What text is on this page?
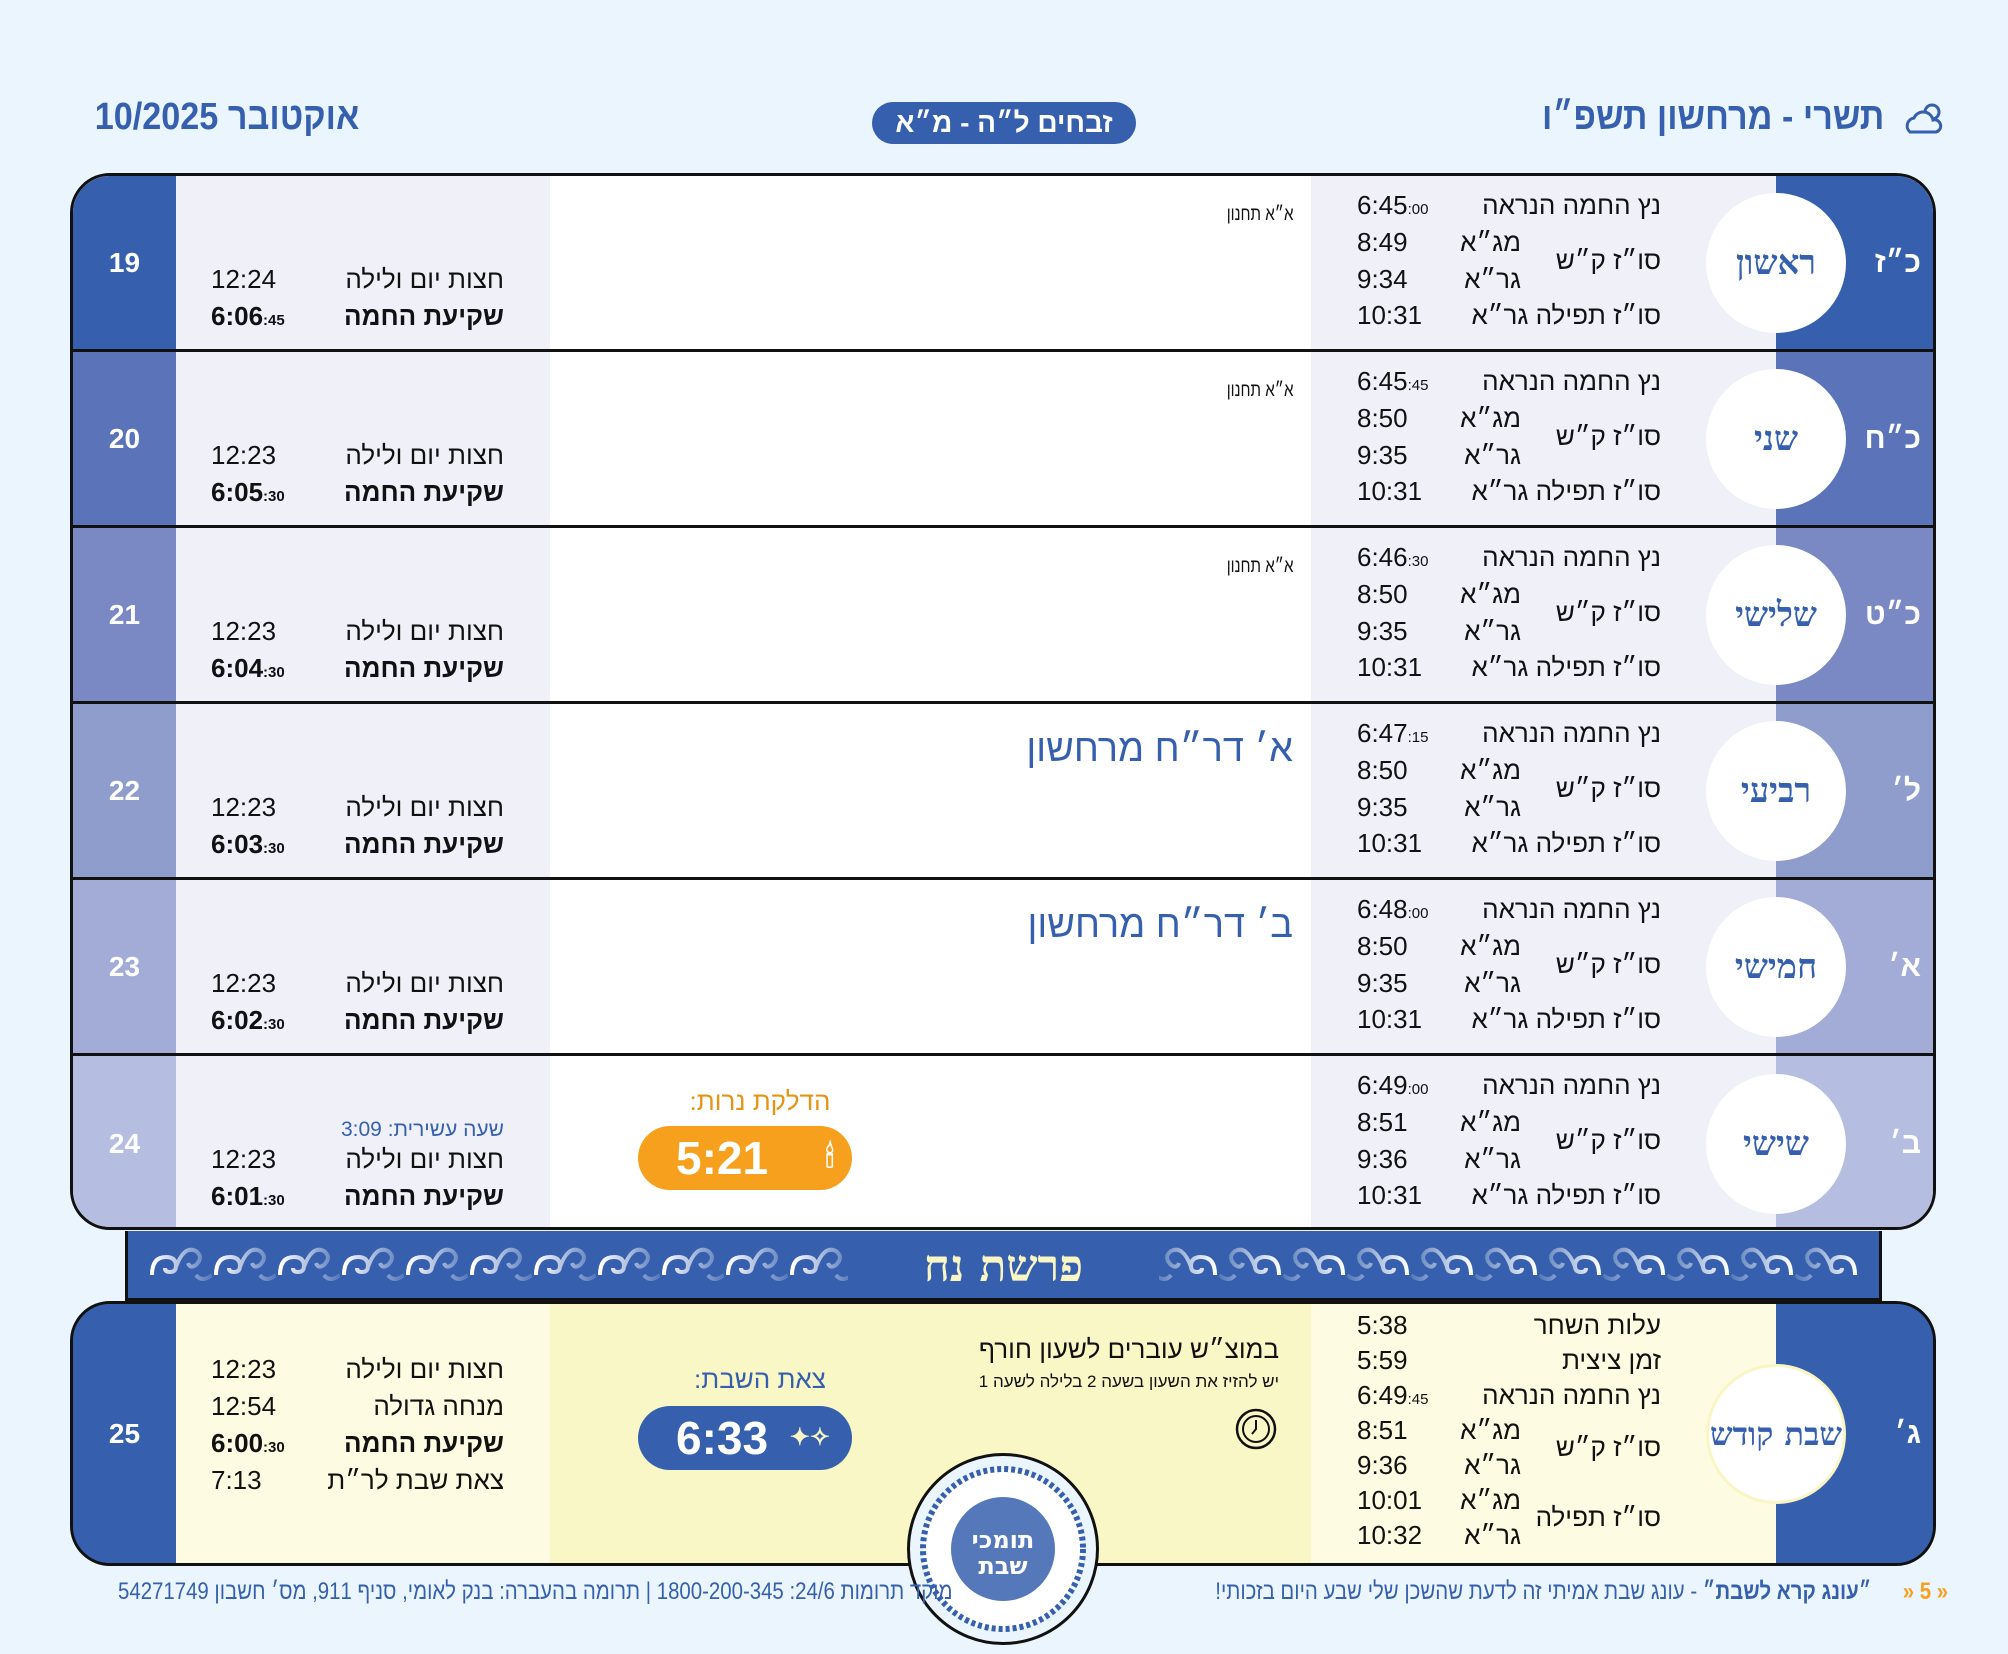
תשרי - מרחשון תשפ״ו
זבחים ל״ה - מ״א
אוקטובר 10/2025
19
חצות יום ולילה
12:24
שקיעת החמה
6:06:45
א״א תחנון	נץ החמה הנראה
6:45:00
מג״א
8:49
סו״ז ק״ש
גר״א
9:34
סו״ז תפילה גר״א
10:31
כ״ז
ראשון
20
חצות יום ולילה
12:23
שקיעת החמה
6:05:30
א״א תחנון	נץ החמה הנראה
6:45:45
מג״א
8:50
סו״ז ק״ש
גר״א
9:35
סו״ז תפילה גר״א
10:31
כ״ח
שני
21
חצות יום ולילה
12:23
שקיעת החמה
6:04:30
א״א תחנון	נץ החמה הנראה
6:46:30
מג״א
8:50
סו״ז ק״ש
גר״א
9:35
סו״ז תפילה גר״א
10:31
כ״ט
שלישי
22
חצות יום ולילה
12:23
שקיעת החמה
6:03:30
א׳ דר״ח מרחשון	נץ החמה הנראה
6:47:15
מג״א
8:50
סו״ז ק״ש
גר״א
9:35
סו״ז תפילה גר״א
10:31
ל׳
רביעי
23
חצות יום ולילה
12:23
שקיעת החמה
6:02:30
ב׳ דר״ח מרחשון	נץ החמה הנראה
6:48:00
מג״א
8:50
סו״ז ק״ש
גר״א
9:35
סו״ז תפילה גר״א
10:31
א׳
חמישי
24	שעה עשירית: 3:09
חצות יום ולילה
12:23
שקיעת החמה
6:01:30
הדלקת נרות:
5:21 🕯
נץ החמה הנראה
6:49:00
מג״א
8:51
סו״ז ק״ש
גר״א
9:36
סו״ז תפילה גר״א
10:31
ב׳
שישי
פרשת נח
25
חצות יום ולילה
12:23
מנחה גדולה
12:54
שקיעת החמה
6:00:30
צאת שבת לר״ת
7:13
צאת השבת:
6:33 ✦✧
במוצ״ש עוברים לשעון חורף
יש להזיז את השעון בשעה 2 בלילה לשעה 1
עלות השחר
5:38
זמן ציצית
5:59
נץ החמה הנראה
6:49:45
מג״א
8:51
סו״ז ק״ש
גר״א
9:36
מג״א
10:01
סו״ז תפילה
גר״א
10:32
ג׳
שבת קודש
תומכי
שבת
מוקד תרומות 24/6: 1800-200-345 | תרומה בהעברה: בנק לאומי, סניף 911, מס׳ חשבון 54271749	« 5 « ״עונג קרא לשבת״ - עונג שבת אמיתי זה לדעת שהשכן שלי שבע היום בזכותי!
